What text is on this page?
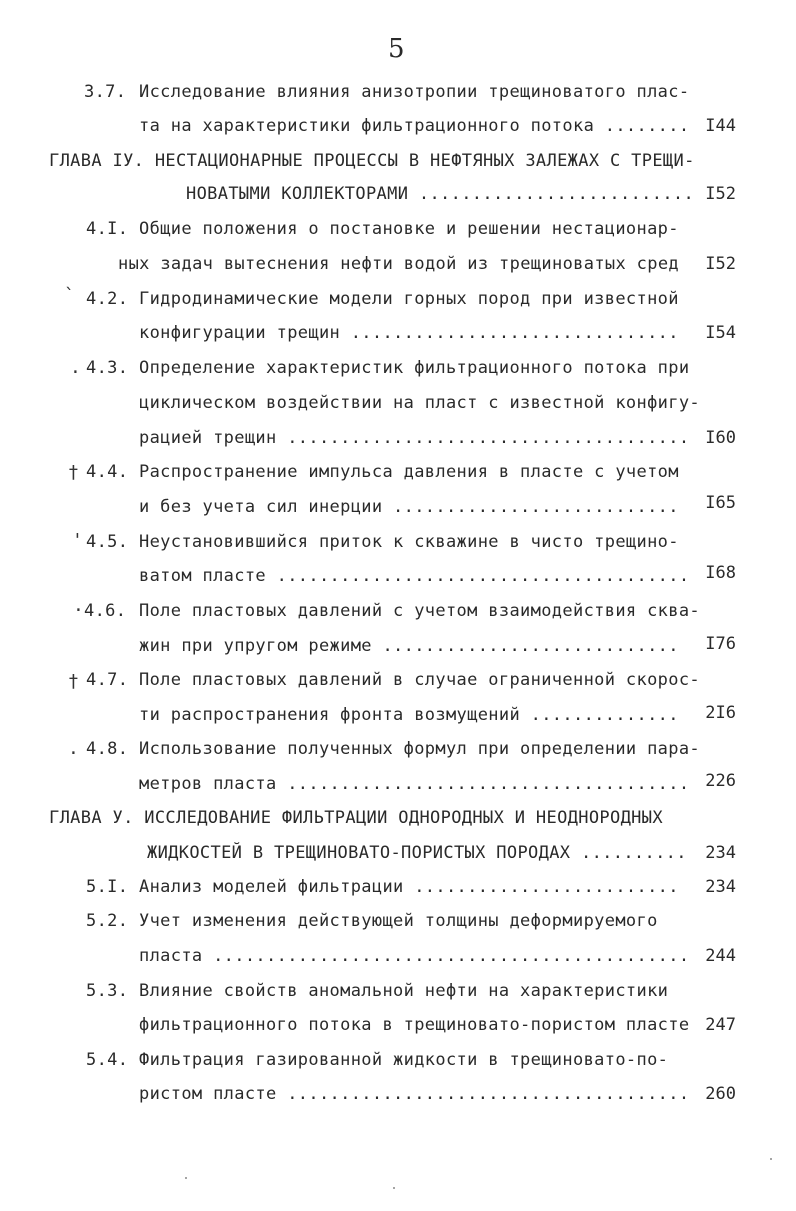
5
3.7. Исследование влияния анизотропии трещиноватого плас-
та на характеристики фильтрационного потока ........ I44
ГЛАВА IУ. НЕСТАЦИОНАРНЫЕ ПРОЦЕССЫ В НЕФТЯНЫХ ЗАЛЕЖАХ С ТРЕЩИ-
НОВАТЫМИ КОЛЛЕКТОРАМИ .......................... I52
4.I. Общие положения о постановке и решении нестационар-
ных задач вытеснения нефти водой из трещиноватых сред	I52
` 4.2. Гидродинамические модели горных пород при известной
конфигурации трещин ...............................	I54
. 4.3. Определение характеристик фильтрационного потока при
циклическом воздействии на пласт с известной конфигу-
рацией трещин ...................................... I60
† 4.4. Распространение импульса давления в пласте с учетом
и без учета сил инерции ...........................	I65
' 4.5. Неустановившийся приток к скважине в чисто трещино-
ватом пласте ....................................... I68
· 4.6. Поле пластовых давлений с учетом взаимодействия сква-
жин при упругом режиме ............................	I76
† 4.7. Поле пластовых давлений в случае ограниченной скорос-
ти распространения фронта возмущений ..............	2I6
. 4.8. Использование полученных формул при определении пара-
метров пласта ...................................... 226
ГЛАВА У. ИССЛЕДОВАНИЕ ФИЛЬТРАЦИИ ОДНОРОДНЫХ И НЕОДНОРОДНЫХ
ЖИДКОСТЕЙ В ТРЕЩИНОВАТО-ПОРИСТЫХ ПОРОДАХ ..........	234
5.I. Анализ моделей фильтрации .........................	234
5.2. Учет изменения действующей толщины деформируемого
пласта ............................................. 244
5.3. Влияние свойств аномальной нефти на характеристики
фильтрационного потока в трещиновато-пористом пласте 247
5.4. Фильтрация газированной жидкости в трещиновато-по-
ристом пласте ...................................... 260
